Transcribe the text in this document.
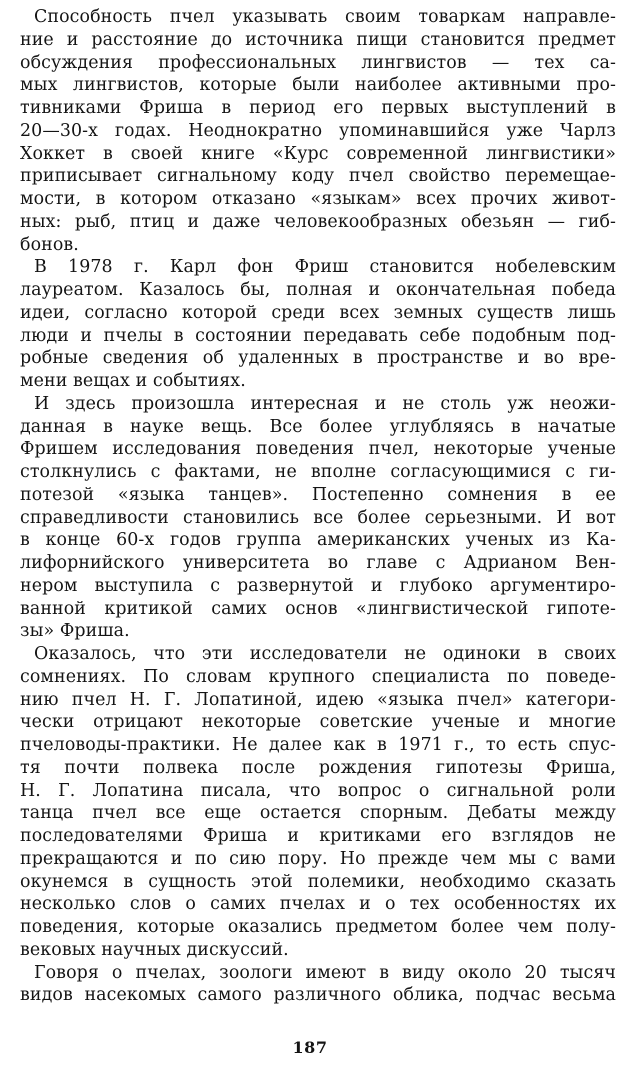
Способность пчел указывать своим товаркам направле-
ние и расстояние до источника пищи становится предмет
обсуждения профессиональных лингвистов — тех са-
мых лингвистов, которые были наиболее активными про-
тивниками Фриша в период его первых выступлений в
20—30-х годах. Неоднократно упоминавшийся уже Чарлз
Хоккет в своей книге «Курс современной лингвистики»
приписывает сигнальному коду пчел свойство перемещае-
мости, в котором отказано «языкам» всех прочих живот-
ных: рыб, птиц и даже человекообразных обезьян — гиб-
бонов.
В 1978 г. Карл фон Фриш становится нобелевским
лауреатом. Казалось бы, полная и окончательная победа
идеи, согласно которой среди всех земных существ лишь
люди и пчелы в состоянии передавать себе подобным под-
робные сведения об удаленных в пространстве и во вре-
мени вещах и событиях.
И здесь произошла интересная и не столь уж неожи-
данная в науке вещь. Все более углубляясь в начатые
Фришем исследования поведения пчел, некоторые ученые
столкнулись с фактами, не вполне согласующимися с ги-
потезой «языка танцев». Постепенно сомнения в ее
справедливости становились все более серьезными. И вот
в конце 60-х годов группа американских ученых из Ка-
лифорнийского университета во главе с Адрианом Вен-
нером выступила с развернутой и глубоко аргументиро-
ванной критикой самих основ «лингвистической гипоте-
зы» Фриша.
Оказалось, что эти исследователи не одиноки в своих
сомнениях. По словам крупного специалиста по поведе-
нию пчел Н. Г. Лопатиной, идею «языка пчел» категори-
чески отрицают некоторые советские ученые и многие
пчеловоды-практики. Не далее как в 1971 г., то есть спус-
тя почти полвека после рождения гипотезы Фриша,
Н. Г. Лопатина писала, что вопрос о сигнальной роли
танца пчел все еще остается спорным. Дебаты между
последователями Фриша и критиками его взглядов не
прекращаются и по сию пору. Но прежде чем мы с вами
окунемся в сущность этой полемики, необходимо сказать
несколько слов о самих пчелах и о тех особенностях их
поведения, которые оказались предметом более чем полу-
вековых научных дискуссий.
Говоря о пчелах, зоологи имеют в виду около 20 тысяч
видов насекомых самого различного облика, подчас весьма
187
